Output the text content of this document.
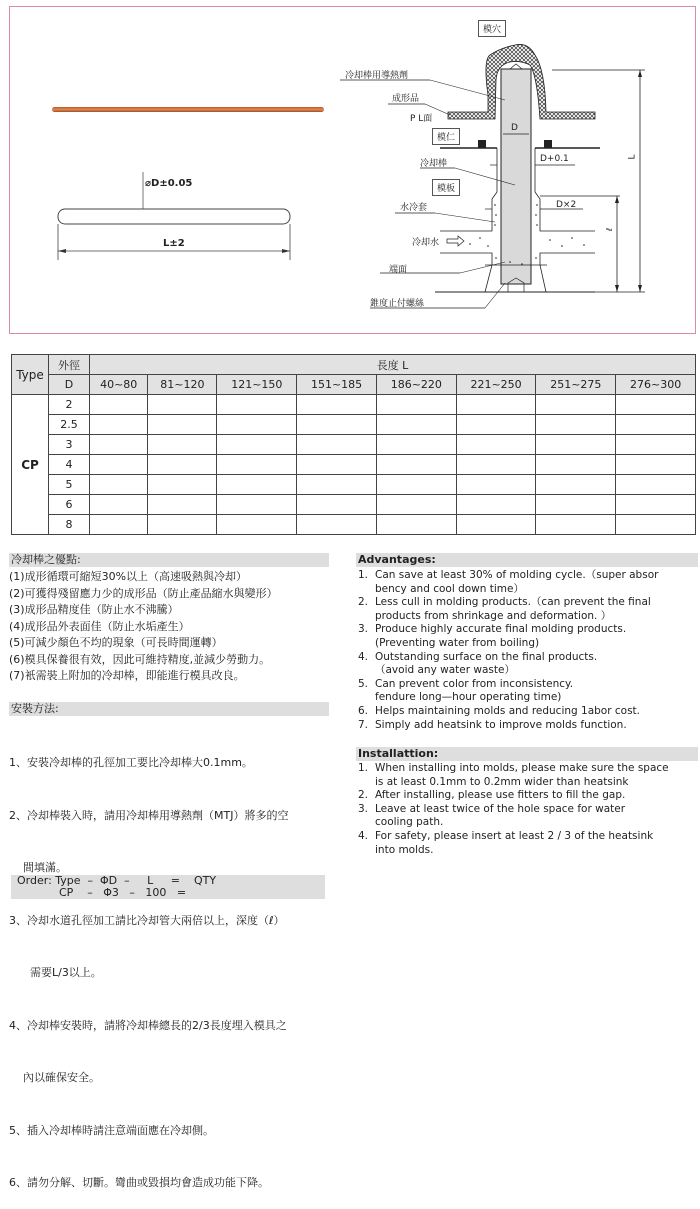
⌀D±0.05
L±2
模穴
冷却棒用導熱劑
成形品
P L面
模仁
D
冷却棒	D+0.1
模板
水冷套	D×2
冷却水
端面
錐度止付螺絲
L
ℓ
Type	外徑	長度 L							
	D	40~80	81~120	121~150	151~185	186~220	221~250	251~275	276~300
CP	2								
	2.5								
	3								
	4								
	5								
	6								
	8								
冷却棒之優點:
(1)成形循環可縮短30%以上（高速吸熱與冷却）
(2)可獲得殘留應力少的成形品（防止產品縮水與變形）
(3)成形品精度佳（防止水不沸騰）
(4)成形品外表面佳（防止水垢產生）
(5)可減少顏色不均的現象（可長時間運轉）
(6)模具保養很有效，因此可維持精度,並減少勞動力。
(7)衹需裝上附加的冷却棒，即能進行模具改良。
安裝方法:

1、安裝冷却棒的孔徑加工要比冷却棒大0.1mm。

2、冷却棒裝入時，請用冷却棒用導熱劑（MTJ）將多的空

間填滿。

3、冷却水道孔徑加工請比冷却管大兩倍以上，深度（ℓ）

需要L/3以上。

4、冷却棒安裝時，請將冷却棒總長的2/3長度埋入模具之

內以確保安全。

5、插入冷却棒時請注意端面應在冷却側。

6、請勿分解、切斷。彎曲或毀損均會造成功能下降。

Order: Type  –  ΦD  –     L     =    QTY
CP    –   Φ3   –   100   =
Advantages:
1. Can save at least 30% of molding cycle.（super absor
bency and cool down time）
2. Less cull in molding products.（can prevent the final
products from shrinkage and deformation. ）
3. Produce highly accurate final molding products.
(Preventing water from boiling)
4. Outstanding surface on the final products.
（avoid any water waste）
5. Can prevent color from inconsistency.
fendure long—hour operating time)
6. Helps maintaining molds and reducing 1abor cost.
7. Simply add heatsink to improve molds function.
Installattion:
1. When installing into molds, please make sure the space
is at least 0.1mm to 0.2mm wider than heatsink
2. After installing, please use fitters to fill the gap.
3. Leave at least twice of the hole space for water
cooling path.
4. For safety, please insert at least 2 / 3 of the heatsink
into molds.
